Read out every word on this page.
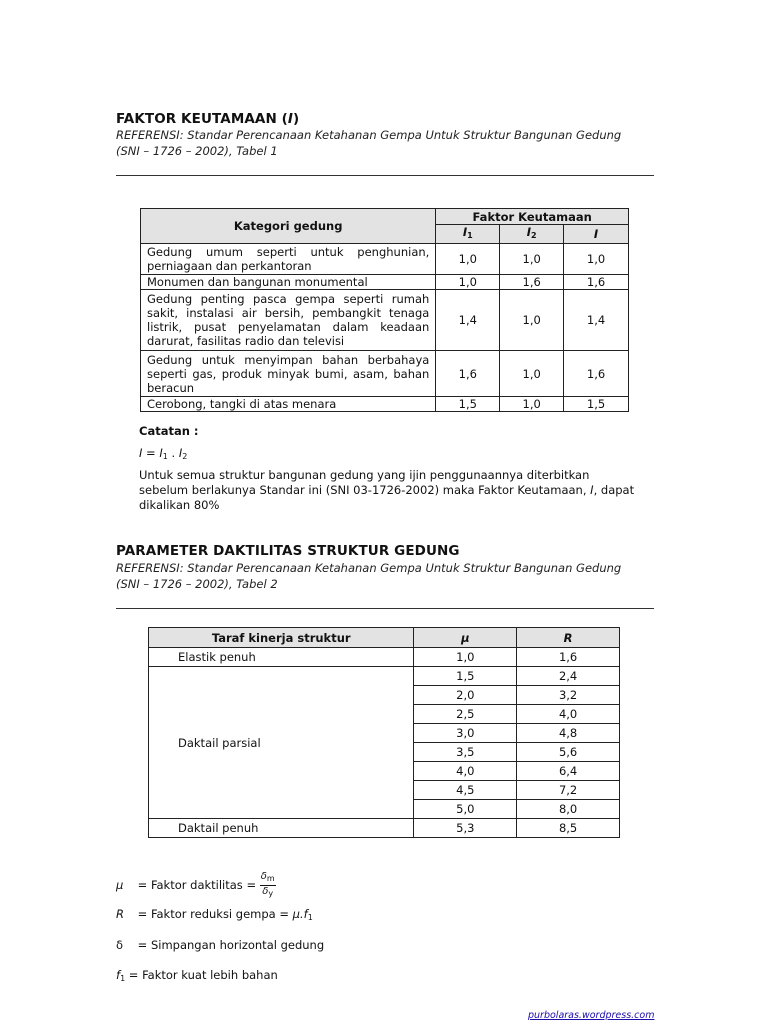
FAKTOR KEUTAMAAN (I)
REFERENSI: Standar Perencanaan Ketahanan Gempa Untuk Struktur Bangunan Gedung
(SNI – 1726 – 2002), Tabel 1
Kategori gedung	Faktor Keutamaan		
	$I_1$	$I_2$	I
Gedung umum seperti untuk penghunian, perniagaan dan perkantoran	1,0	1,0	1,0
Monumen dan bangunan monumental	1,0	1,6	1,6
Gedung penting pasca gempa seperti rumah sakit, instalasi air bersih, pembangkit tenaga listrik, pusat penyelamatan dalam keadaan darurat, fasilitas radio dan televisi	1,4	1,0	1,4
Gedung untuk menyimpan bahan berbahaya seperti gas, produk minyak bumi, asam, bahan beracun	1,6	1,0	1,6
Cerobong, tangki di atas menara	1,5	1,0	1,5
Catatan :
$I = I_1$ . $I_2$
Untuk semua struktur bangunan gedung yang ijin penggunaannya diterbitkan sebelum berlakunya Standar ini (SNI 03-1726-2002) maka Faktor Keutamaan, I, dapat dikalikan 80%
PARAMETER DAKTILITAS STRUKTUR GEDUNG
REFERENSI: Standar Perencanaan Ketahanan Gempa Untuk Struktur Bangunan Gedung
(SNI – 1726 – 2002), Tabel 2
Taraf kinerja struktur	μ	R
Elastik penuh	1,0	1,6
Daktail parsial	1,5	2,4
	2,0	3,2
	2,5	4,0
	3,0	4,8
	3,5	5,6
	4,0	6,4
	4,5	7,2
	5,0	8,0
Daktail penuh	5,3	8,5
μ = Faktor daktilitas = $\frac{\delta_m}{\delta_y}$
R = Faktor reduksi gempa = $\mu.f_1$
δ = Simpangan horizontal gedung
$f_1$ = Faktor kuat lebih bahan
purbolaras.wordpress.com
